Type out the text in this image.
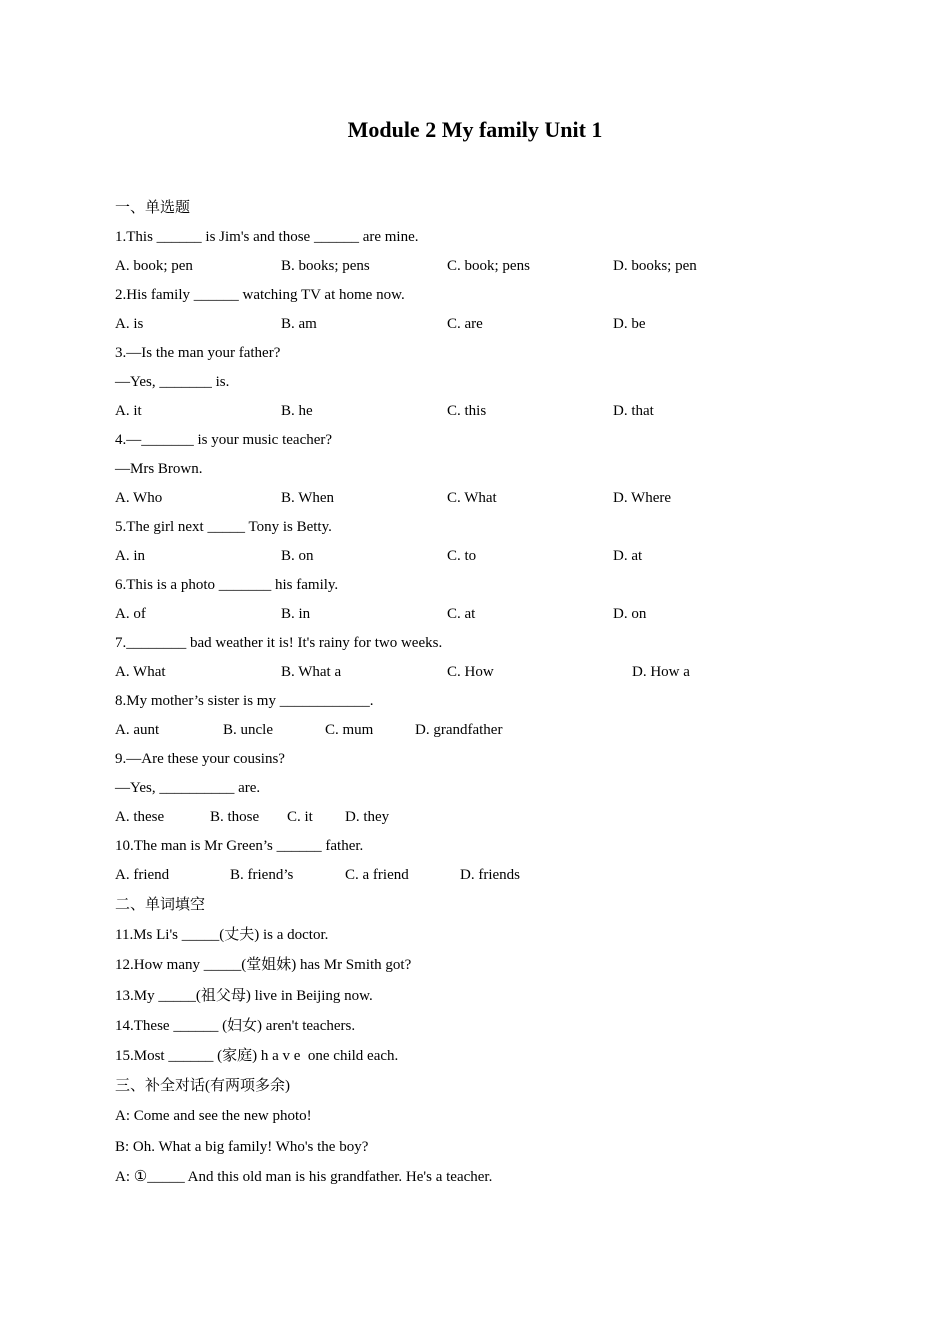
Module 2 My family Unit 1
一、单选题
1.This ______ is Jim's and those ______ are mine.
A. book; pen	B. books; pens	C. book; pens	D. books; pen
2.His family ______ watching TV at home now.
A. is	B. am	C. are	D. be
3.—Is the man your father?
—Yes, _______ is.
A. it	B. he	C. this	D. that
4.—_______ is your music teacher?
—Mrs Brown.
A. Who	B. When	C. What	D. Where
5.The girl next _____ Tony is Betty.
A. in	B. on	C. to	D. at
6.This is a photo _______ his family.
A. of	B. in	C. at	D. on
7.________ bad weather it is! It's rainy for two weeks.
A. What	B. What a	C. How	D. How a
8.My mother’s sister is my ____________.
A. aunt	B. uncle	C. mum	D. grandfather
9.—Are these your cousins?
—Yes, __________ are.
A. these	B. those C. it D. they
10.The man is Mr Green’s ______ father.
A. friend	B. friend’s	C. a friend	D. friends
二、单词填空
11.Ms Li's _____(丈夫) is a doctor.
12.How many _____(堂姐妹) has Mr Smith got?
13.My _____(祖父母) live in Beijing now.
14.These ______ (妇女) aren't teachers.
15.Most ______ (家庭) h a v e  one child each.
三、补全对话(有两项多余)
A: Come and see the new photo!
B: Oh. What a big family! Who's the boy?
A: ①_____ And this old man is his grandfather. He's a teacher.
